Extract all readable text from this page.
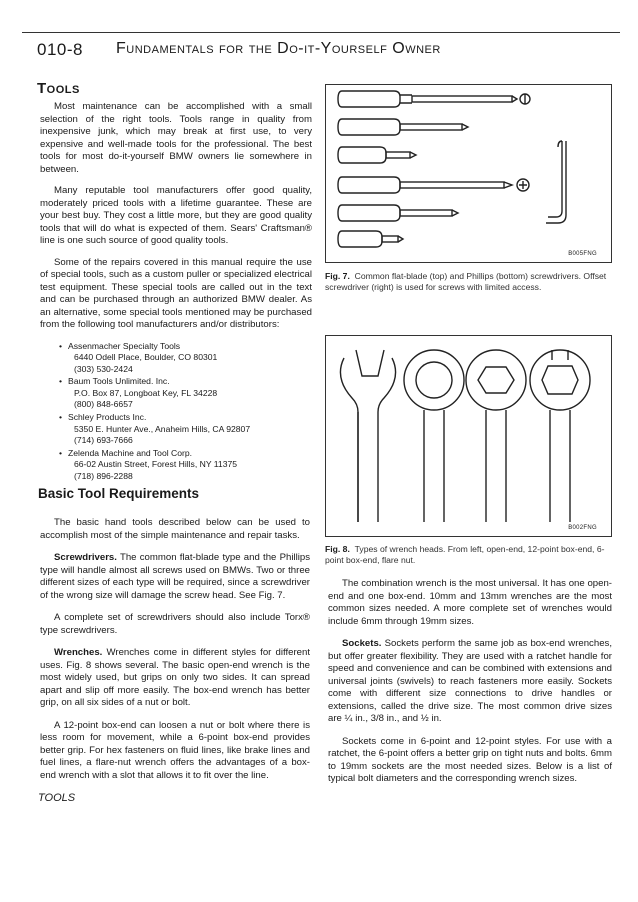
010-8 Fundamentals for the Do-it-Yourself Owner
Tools

Most maintenance can be accomplished with a small selection of the right tools. Tools range in quality from inexpensive junk, which may break at first use, to very expensive and well-made tools for the professional. The best tools for most do-it-yourself BMW owners lie somewhere in between.

Many reputable tool manufacturers offer good quality, moderately priced tools with a lifetime guarantee. These are your best buy. They cost a little more, but they are good quality tools that will do what is expected of them. Sears' Craftsman® line is one such source of good quality tools.

Some of the repairs covered in this manual require the use of special tools, such as a custom puller or specialized electrical test equipment. These special tools are called out in the text and can be purchased through an authorized BMW dealer. As an alternative, some special tools mentioned may be purchased from the following tool manufacturers and/or distributors:

• Assenmacher Specialty Tools
6440 Odell Place, Boulder, CO 80301
(303) 530-2424
• Baum Tools Unlimited. Inc.
P.O. Box 87, Longboat Key, FL 34228
(800) 848-6657
• Schley Products Inc.
5350 E. Hunter Ave., Anaheim Hills, CA 92807
(714) 693-7666
• Zelenda Machine and Tool Corp.
66-02 Austin Street, Forest Hills, NY 11375
(718) 896-2288
Basic Tool Requirements

The basic hand tools described below can be used to accomplish most of the simple maintenance and repair tasks.

Screwdrivers. The common flat-blade type and the Phillips type will handle almost all screws used on BMWs. Two or three different sizes of each type will be required, since a screwdriver of the wrong size will damage the screw head. See Fig. 7.

A complete set of screwdrivers should also include Torx® type screwdrivers.

Wrenches. Wrenches come in different styles for different uses. Fig. 8 shows several. The basic open-end wrench is the most widely used, but grips on only two sides. It can spread apart and slip off more easily. The box-end wrench has better grip, on all six sides of a nut or bolt.

A 12-point box-end can loosen a nut or bolt where there is less room for movement, while a 6-point box-end provides better grip. For hex fasteners on fluid lines, like brake lines and fuel lines, a flare-nut wrench offers the advantages of a box-end wrench with a slot that allows it to fit over the line.

B005FNG
Fig. 7. Common flat-blade (top) and Phillips (bottom) screwdrivers. Offset screwdriver (right) is used for screws with limited access.
B002FNG
Fig. 8. Types of wrench heads. From left, open-end, 12-point box-end, 6-point box-end, flare nut.

The combination wrench is the most universal. It has one open-end and one box-end. 10mm and 13mm wrenches are the most common sizes needed. A more complete set of wrenches would include 6mm through 19mm sizes.

Sockets. Sockets perform the same job as box-end wrenches, but offer greater flexibility. They are used with a ratchet handle for speed and convenience and can be combined with extensions and universal joints (swivels) to reach fasteners more easily. Sockets come with different size connections to drive handles or extensions, called the drive size. The most common drive sizes are ¼ in., 3/8 in., and ½ in.

Sockets come in 6-point and 12-point styles. For use with a ratchet, the 6-point offers a better grip on tight nuts and bolts. 6mm to 19mm sockets are the most needed sizes. Below is a list of typical bolt diameters and the corresponding wrench sizes.

TOOLS
